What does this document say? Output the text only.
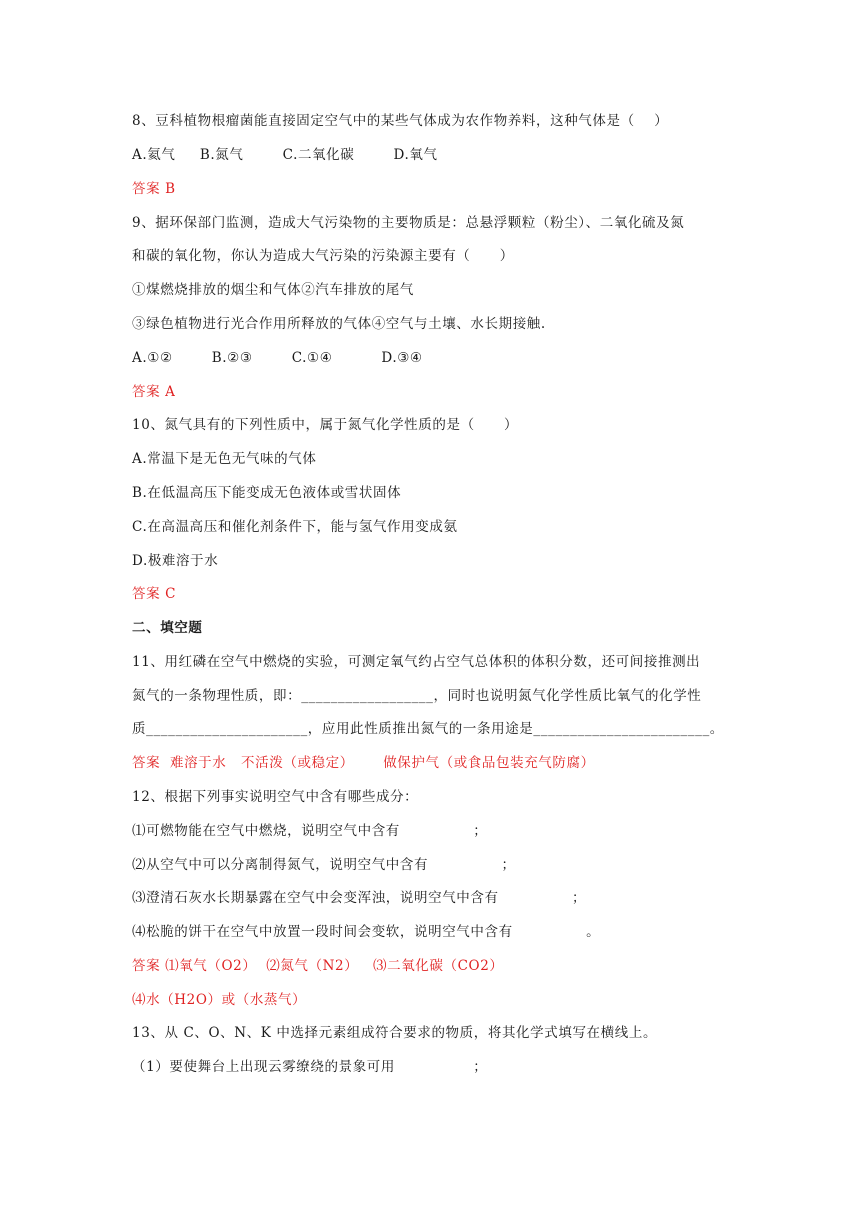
8、豆科植物根瘤菌能直接固定空气中的某些气体成为农作物养料，这种气体是（    ）
A.氦气     B.氮气        C.二氧化碳        D.氧气
答案 B
9、据环保部门监测，造成大气污染物的主要物质是：总悬浮颗粒（粉尘）、二氧化硫及氮
和碳的氧化物，你认为造成大气污染的污染源主要有（      ）
①煤燃烧排放的烟尘和气体②汽车排放的尾气
③绿色植物进行光合作用所释放的气体④空气与土壤、水长期接触.
A.①②        B.②③        C.①④          D.③④
答案 A
10、氮气具有的下列性质中，属于氮气化学性质的是（      ）
A.常温下是无色无气味的气体
B.在低温高压下能变成无色液体或雪状固体
C.在高温高压和催化剂条件下，能与氢气作用变成氨
D.极难溶于水
答案 C
二、填空题
11、用红磷在空气中燃烧的实验，可测定氧气约占空气总体积的体积分数，还可间接推测出
氮气的一条物理性质，即：__________________，同时也说明氮气化学性质比氧气的化学性
质______________________，应用此性质推出氮气的一条用途是________________________。
答案  难溶于水   不活泼（或稳定）      做保护气（或食品包装充气防腐）
12、根据下列事实说明空气中含有哪些成分：
⑴可燃物能在空气中燃烧，说明空气中含有               ；
⑵从空气中可以分离制得氮气，说明空气中含有               ；
⑶澄清石灰水长期暴露在空气中会变浑浊，说明空气中含有               ；
⑷松脆的饼干在空气中放置一段时间会变软，说明空气中含有               。
答案 ⑴氧气（O2）  ⑵氮气（N2）   ⑶二氧化碳（CO2）
⑷水（H2O）或（水蒸气）
13、从 C、O、N、K 中选择元素组成符合要求的物质，将其化学式填写在横线上。
（1）要使舞台上出现云雾缭绕的景象可用                ；
